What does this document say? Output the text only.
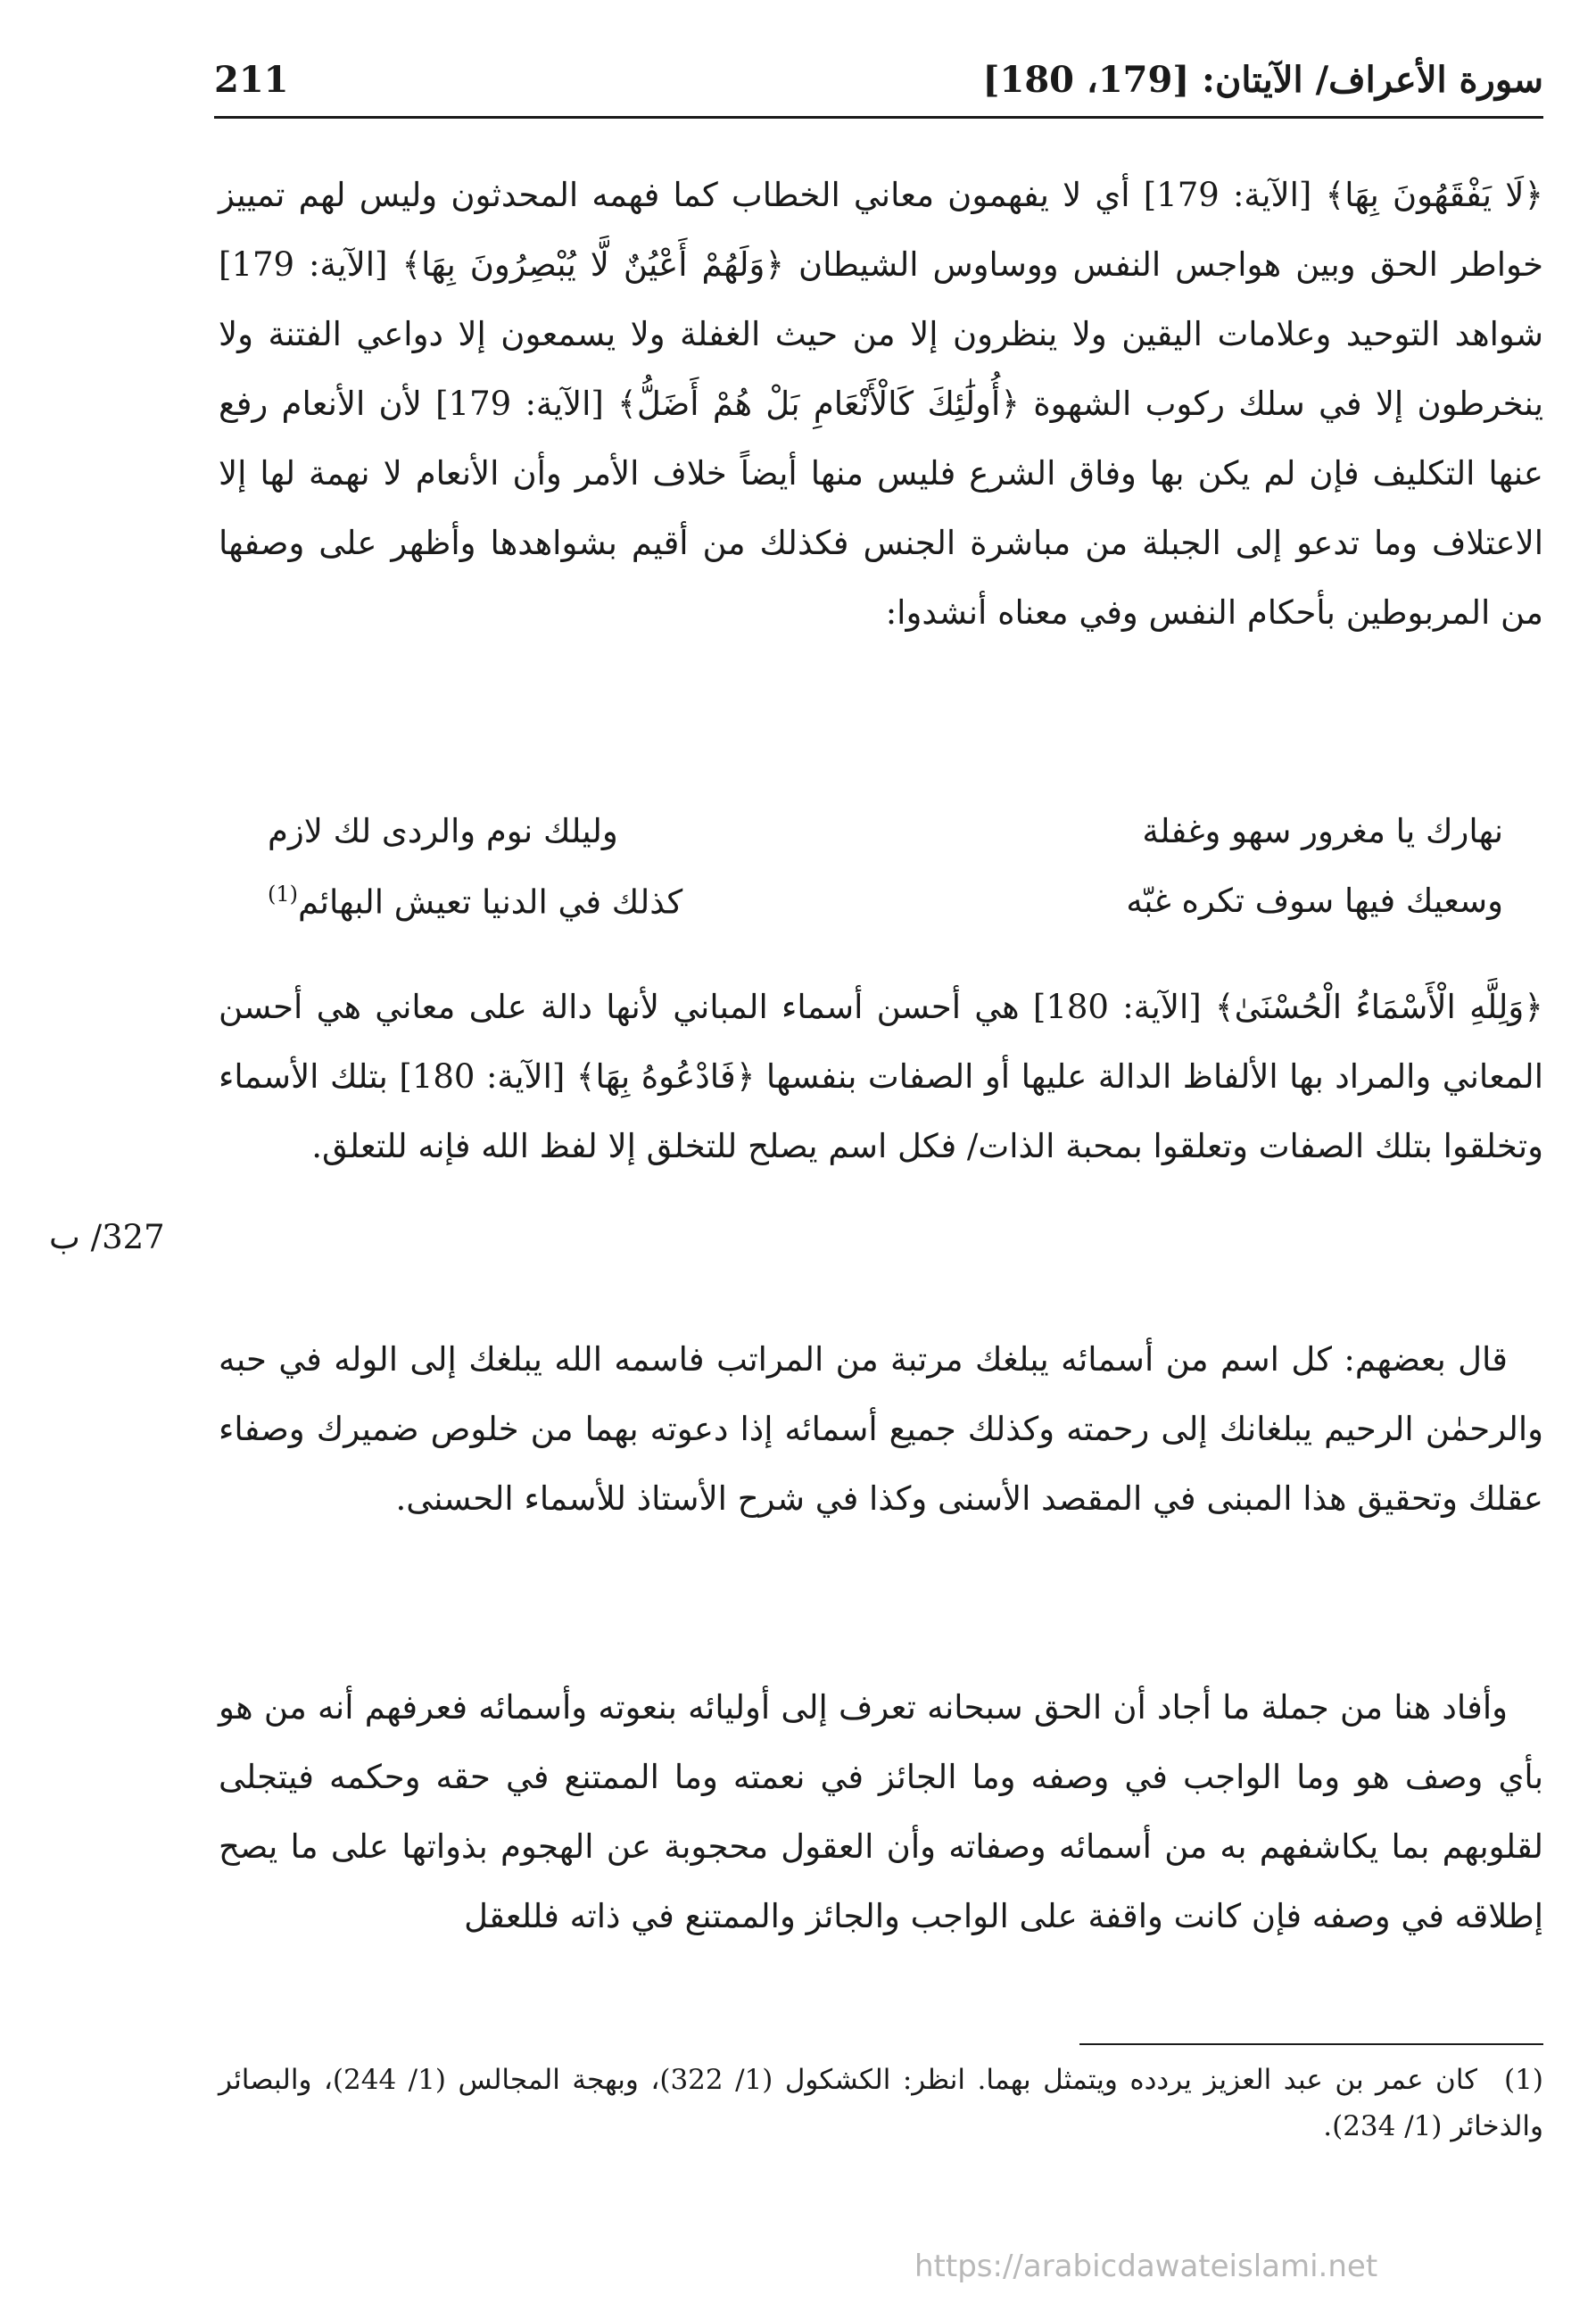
سورة الأعراف/ الآيتان: [179، 180]
211

﴿لَا يَفْقَهُونَ بِهَا﴾ [الآية: 179] أي لا يفهمون معاني الخطاب كما فهمه المحدثون وليس لهم تمييز خواطر الحق وبين هواجس النفس ووساوس الشيطان ﴿وَلَهُمْ أَعْيُنٌ لَّا يُبْصِرُونَ بِهَا﴾ [الآية: 179] شواهد التوحيد وعلامات اليقين ولا ينظرون إلا من حيث الغفلة ولا يسمعون إلا دواعي الفتنة ولا ينخرطون إلا في سلك ركوب الشهوة ﴿أُولَٰئِكَ كَالْأَنْعَامِ بَلْ هُمْ أَضَلُّ﴾ [الآية: 179] لأن الأنعام رفع عنها التكليف فإن لم يكن بها وفاق الشرع فليس منها أيضاً خلاف الأمر وأن الأنعام لا نهمة لها إلا الاعتلاف وما تدعو إلى الجبلة من مباشرة الجنس فكذلك من أقيم بشواهدها وأظهر على وصفها من المربوطين بأحكام النفس وفي معناه أنشدوا:

نهارك يا مغرور سهو وغفلة
وليلك نوم والردى لك لازم
وسعيك فيها سوف تكره غبّه
كذلك في الدنيا تعيش البهائم$^{(1)}$
﴿وَلِلَّهِ الْأَسْمَاءُ الْحُسْنَىٰ﴾ [الآية: 180] هي أحسن أسماء المباني لأنها دالة على معاني هي أحسن المعاني والمراد بها الألفاظ الدالة عليها أو الصفات بنفسها ﴿فَادْعُوهُ بِهَا﴾ [الآية: 180] بتلك الأسماء وتخلقوا بتلك الصفات وتعلقوا بمحبة الذات/ فكل اسم يصلح للتخلق إلا لفظ الله فإنه للتعلق.
327/ ب
قال بعضهم: كل اسم من أسمائه يبلغك مرتبة من المراتب فاسمه الله يبلغك إلى الوله في حبه والرحمٰن الرحيم يبلغانك إلى رحمته وكذلك جميع أسمائه إذا دعوته بهما من خلوص ضميرك وصفاء عقلك وتحقيق هذا المبنى في المقصد الأسنى وكذا في شرح الأستاذ للأسماء الحسنى.
وأفاد هنا من جملة ما أجاد أن الحق سبحانه تعرف إلى أوليائه بنعوته وأسمائه فعرفهم أنه من هو بأي وصف هو وما الواجب في وصفه وما الجائز في نعمته وما الممتنع في حقه وحكمه فيتجلى لقلوبهم بما يكاشفهم به من أسمائه وصفاته وأن العقول محجوبة عن الهجوم بذواتها على ما يصح إطلاقه في وصفه فإن كانت واقفة على الواجب والجائز والممتنع في ذاته فللعقل
(1)كان عمر بن عبد العزيز يردده ويتمثل بهما. انظر: الكشكول (1/ 322)، وبهجة المجالس (1/ 244)، والبصائر والذخائر (1/ 234).
https://arabicdawateislami.net
